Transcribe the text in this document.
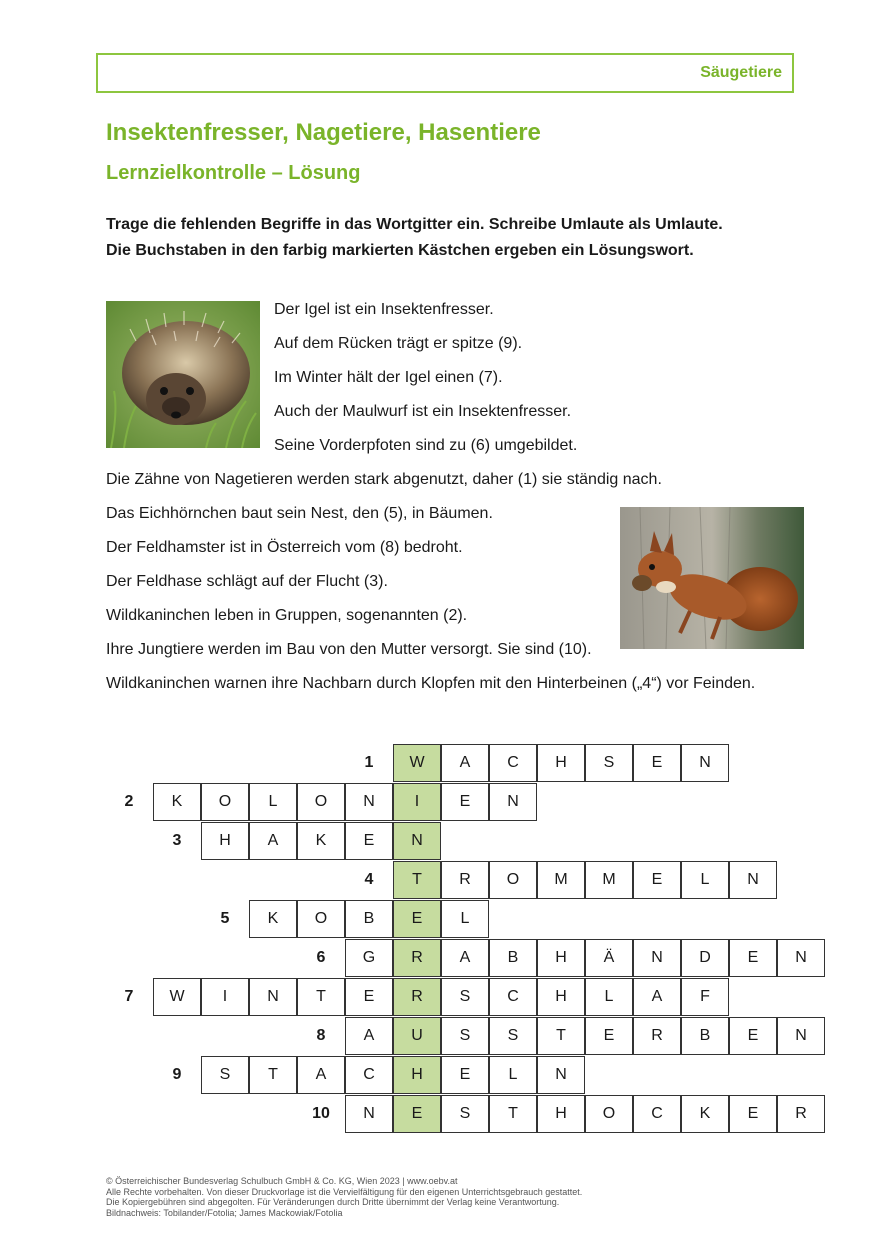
Säugetiere
Insektenfresser, Nagetiere, Hasentiere
Lernzielkontrolle – Lösung

Trage die fehlenden Begriffe in das Wortgitter ein. Schreibe Umlaute als Umlaute.

Die Buchstaben in den farbig markierten Kästchen ergeben ein Lösungswort.

Der Igel ist ein Insektenfresser.

Auf dem Rücken trägt er spitze (9).

Im Winter hält der Igel einen (7).

Auch der Maulwurf ist ein Insektenfresser.

Seine Vorderpfoten sind zu (6) umgebildet.

Die Zähne von Nagetieren werden stark abgenutzt, daher (1) sie ständig nach.

Das Eichhörnchen baut sein Nest, den (5), in Bäumen.

Der Feldhamster ist in Österreich vom (8) bedroht.

Der Feldhase schlägt auf der Flucht (3).

Wildkaninchen leben in Gruppen, sogenannten (2).

Ihre Jungtiere werden im Bau von den Mutter versorgt. Sie sind (10).

Wildkaninchen warnen ihre Nachbarn durch Klopfen mit den Hinterbeinen („4“) vor Feinden.

1	W	A	C	H	S	E	N
2	K	O	L	O	N	I	E	N
3	H	A	K	E	N
4	T	R	O	M	M	E	L	N
5	K	O	B	E	L
6	G	R	A	B	H	Ä	N	D	E	N
7	W	I	N	T	E	R	S	C	H	L	A	F
8	A	U	S	S	T	E	R	B	E	N
9	S	T	A	C	H	E	L	N
10	N	E	S	T	H	O	C	K	E	R
© Österreichischer Bundesverlag Schulbuch GmbH & Co. KG, Wien 2023 | www.oebv.at
Alle Rechte vorbehalten. Von dieser Druckvorlage ist die Vervielfältigung für den eigenen Unterrichtsgebrauch gestattet.
Die Kopiergebühren sind abgegolten. Für Veränderungen durch Dritte übernimmt der Verlag keine Verantwortung.
Bildnachweis: Tobilander/Fotolia; James Mackowiak/Fotolia
